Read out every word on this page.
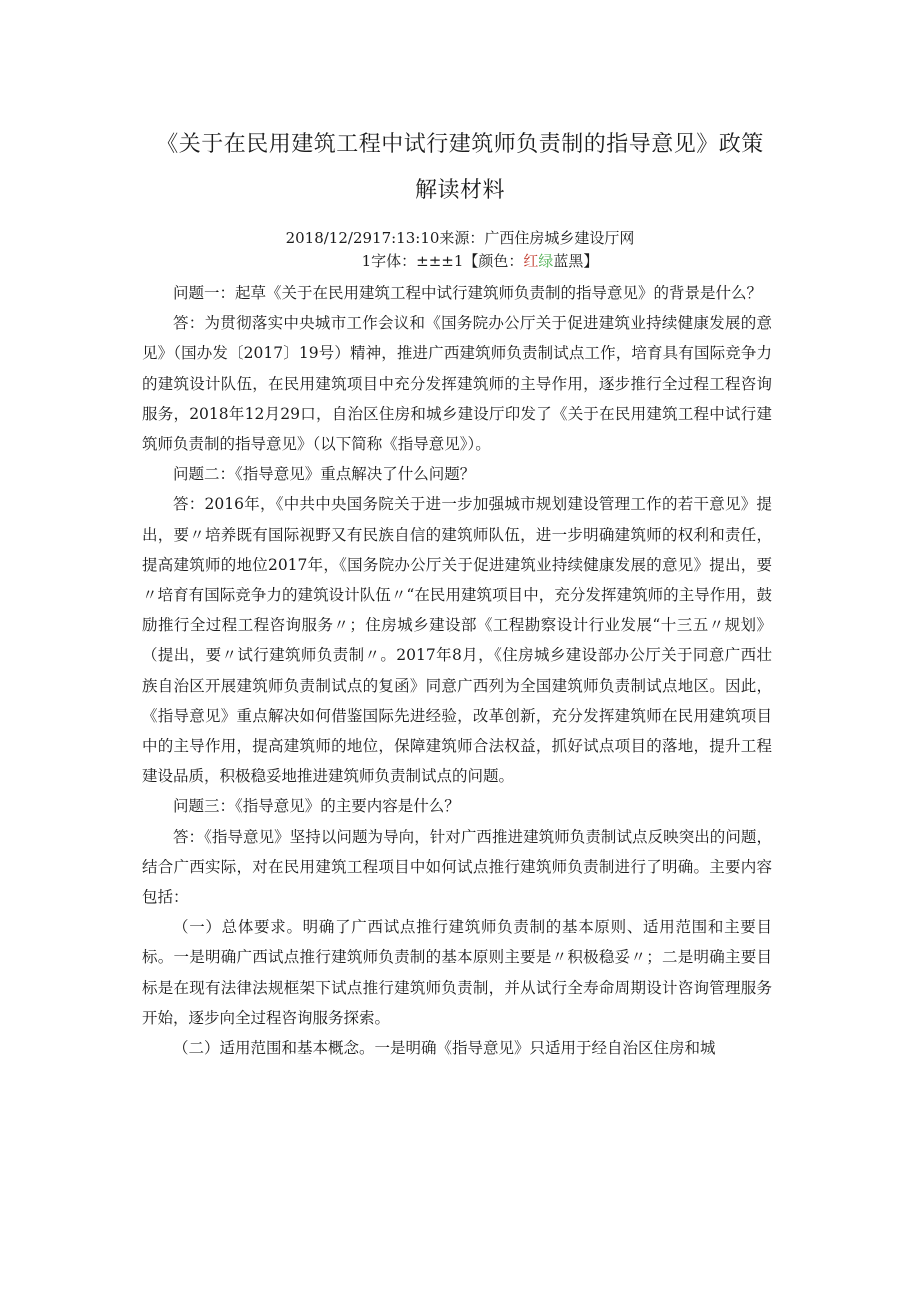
《关于在民用建筑工程中试行建筑师负责制的指导意见》政策
解读材料
2018/12/2917:13:10来源：广西住房城乡建设厅网
1字体：±±±1【颜色：红绿蓝黑】

问题一：起草《关于在民用建筑工程中试行建筑师负责制的指导意见》的背景是什么？

答：为贯彻落实中央城市工作会议和《国务院办公厅关于促进建筑业持续健康发展的意见》（国办发〔2017〕19号）精神，推进广西建筑师负责制试点工作，培育具有国际竞争力的建筑设计队伍，在民用建筑项目中充分发挥建筑师的主导作用，逐步推行全过程工程咨询服务，2018年12月29口，自治区住房和城乡建设厅印发了《关于在民用建筑工程中试行建筑师负责制的指导意见》（以下简称《指导意见》）。

问题二：《指导意见》重点解决了什么问题？

答：2016年，《中共中央国务院关于进一步加强城市规划建设管理工作的若干意见》提出，要〃培养既有国际视野又有民族自信的建筑师队伍，进一步明确建筑师的权利和责任，提高建筑师的地位2017年，《国务院办公厅关于促进建筑业持续健康发展的意见》提出，要〃培育有国际竞争力的建筑设计队伍〃“在民用建筑项目中，充分发挥建筑师的主导作用，鼓励推行全过程工程咨询服务〃；住房城乡建设部《工程勘察设计行业发展“十三五〃规划》（提出，要〃试行建筑师负责制〃。2017年8月，《住房城乡建设部办公厅关于同意广西壮族自治区开展建筑师负责制试点的复函》同意广西列为全国建筑师负责制试点地区。因此，《指导意见》重点解决如何借鉴国际先进经验，改革创新，充分发挥建筑师在民用建筑项目中的主导作用，提高建筑师的地位，保障建筑师合法权益，抓好试点项目的落地，提升工程建设品质，积极稳妥地推进建筑师负责制试点的问题。

问题三：《指导意见》的主要内容是什么？

答：《指导意见》坚持以问题为导向，针对广西推进建筑师负责制试点反映突出的问题，结合广西实际，对在民用建筑工程项目中如何试点推行建筑师负责制进行了明确。主要内容包括：

（一）总体要求。明确了广西试点推行建筑师负责制的基本原则、适用范围和主要目标。一是明确广西试点推行建筑师负责制的基本原则主要是〃积极稳妥〃；二是明确主要目标是在现有法律法规框架下试点推行建筑师负责制，并从试行全寿命周期设计咨询管理服务开始，逐步向全过程咨询服务探索。

（二）适用范围和基本概念。一是明确《指导意见》只适用于经自治区住房和城
